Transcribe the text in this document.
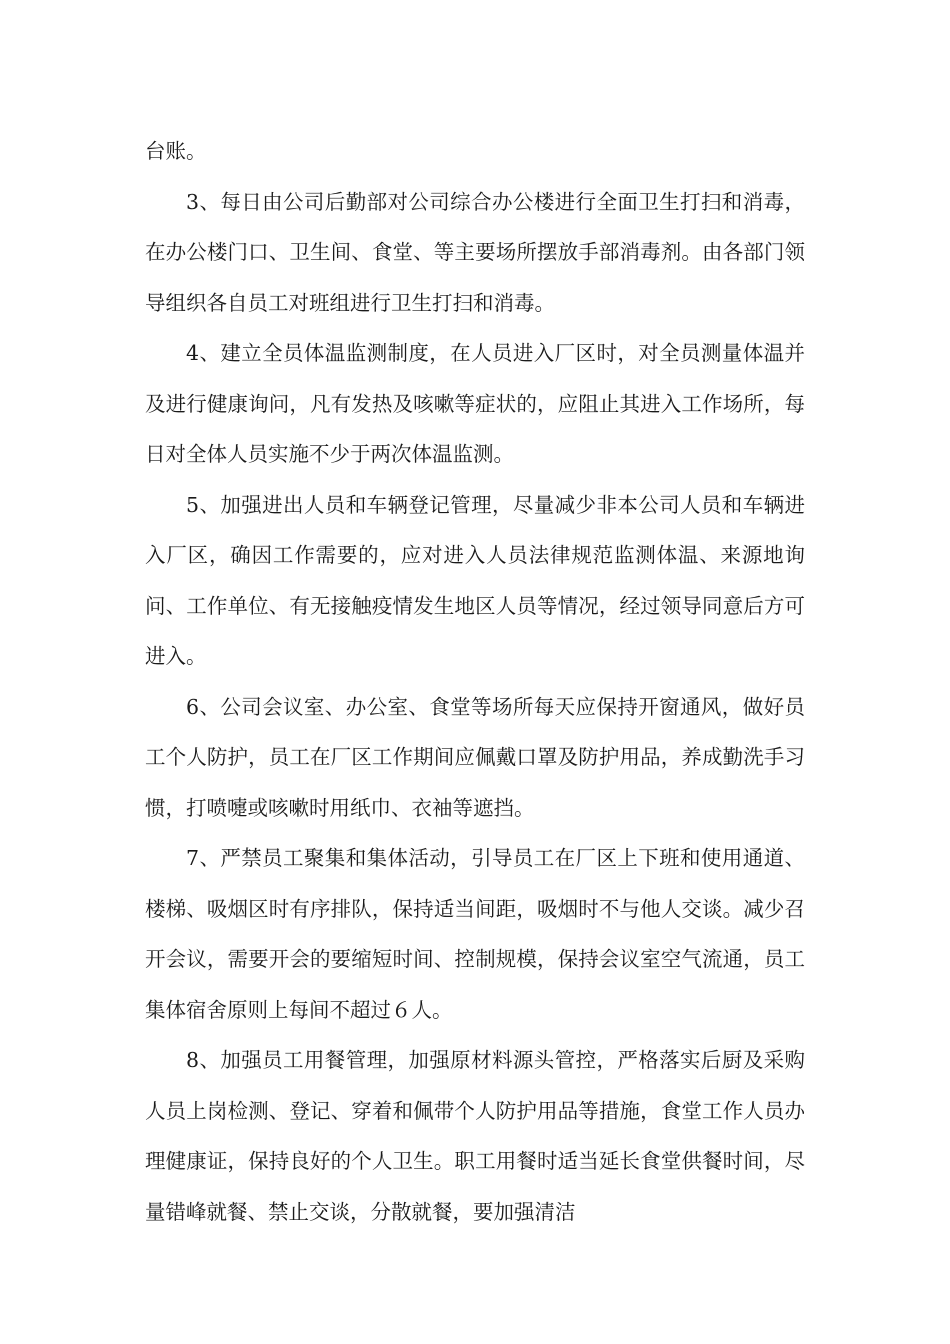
台账。

3、每日由公司后勤部对公司综合办公楼进行全面卫生打扫和消毒，在办公楼门口、卫生间、食堂、等主要场所摆放手部消毒剂。由各部门领导组织各自员工对班组进行卫生打扫和消毒。

4、建立全员体温监测制度，在人员进入厂区时，对全员测量体温并及进行健康询问，凡有发热及咳嗽等症状的，应阻止其进入工作场所，每日对全体人员实施不少于两次体温监测。

5、加强进出人员和车辆登记管理，尽量减少非本公司人员和车辆进入厂区，确因工作需要的，应对进入人员法律规范监测体温、来源地询问、工作单位、有无接触疫情发生地区人员等情况，经过领导同意后方可进入。

6、公司会议室、办公室、食堂等场所每天应保持开窗通风，做好员工个人防护，员工在厂区工作期间应佩戴口罩及防护用品，养成勤洗手习惯，打喷嚏或咳嗽时用纸巾、衣袖等遮挡。

7、严禁员工聚集和集体活动，引导员工在厂区上下班和使用通道、楼梯、吸烟区时有序排队，保持适当间距，吸烟时不与他人交谈。减少召开会议，需要开会的要缩短时间、控制规模，保持会议室空气流通，员工集体宿舍原则上每间不超过６人。

8、加强员工用餐管理，加强原材料源头管控，严格落实后厨及采购人员上岗检测、登记、穿着和佩带个人防护用品等措施，食堂工作人员办理健康证，保持良好的个人卫生。职工用餐时适当延长食堂供餐时间，尽量错峰就餐、禁止交谈，分散就餐，要加强清洁
